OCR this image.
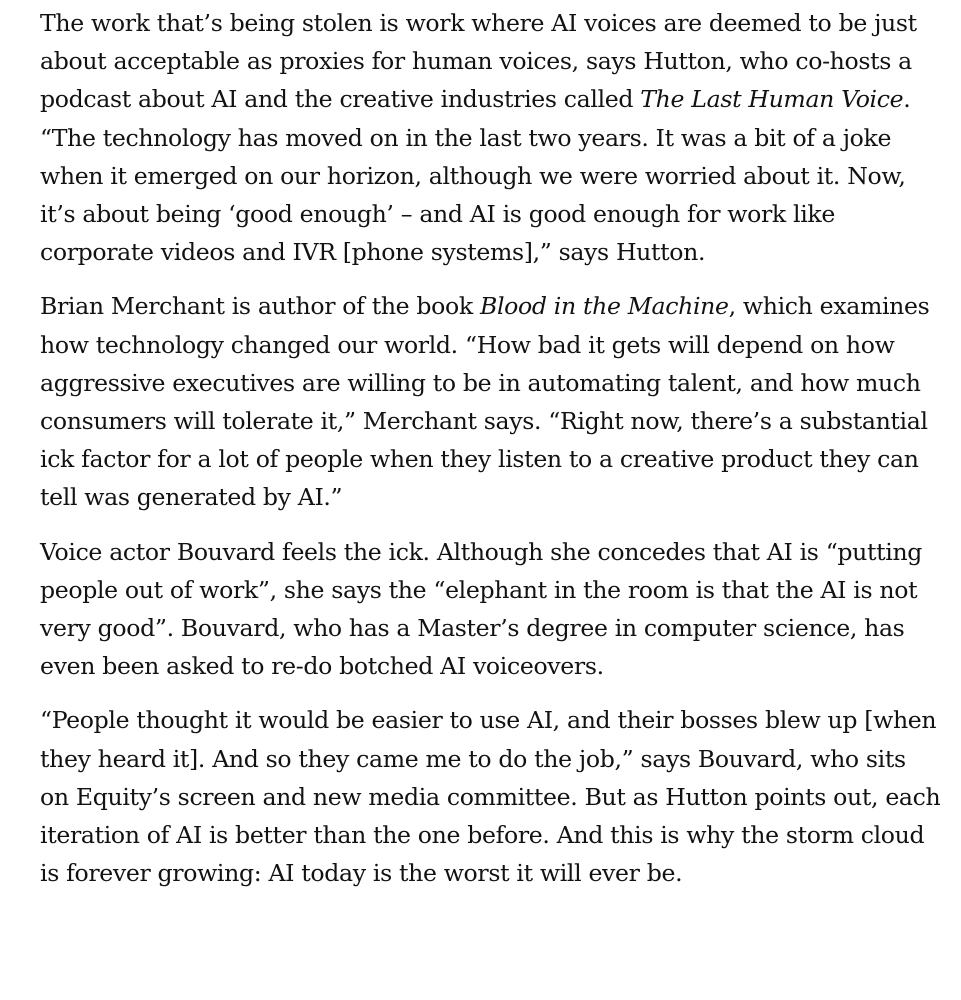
The work that’s being stolen is work where AI voices are deemed to be just about acceptable as proxies for human voices, says Hutton, who co-hosts a podcast about AI and the creative industries called The Last Human Voice. “The technology has moved on in the last two years. It was a bit of a joke when it emerged on our horizon, although we were worried about it. Now, it’s about being ‘good enough’ – and AI is good enough for work like corporate videos and IVR [phone systems],” says Hutton.

Brian Merchant is author of the book Blood in the Machine, which examines how technology changed our world. “How bad it gets will depend on how aggressive executives are willing to be in automating talent, and how much consumers will tolerate it,” Merchant says. “Right now, there’s a substantial ick factor for a lot of people when they listen to a creative product they can tell was generated by AI.”

Voice actor Bouvard feels the ick. Although she concedes that AI is “putting people out of work”, she says the “elephant in the room is that the AI is not very good”. Bouvard, who has a Master’s degree in computer science, has even been asked to re-do botched AI voiceovers.

“People thought it would be easier to use AI, and their bosses blew up [when they heard it]. And so they came me to do the job,” says Bouvard, who sits on Equity’s screen and new media committee. But as Hutton points out, each iteration of AI is better than the one before. And this is why the storm cloud is forever growing: AI today is the worst it will ever be.
